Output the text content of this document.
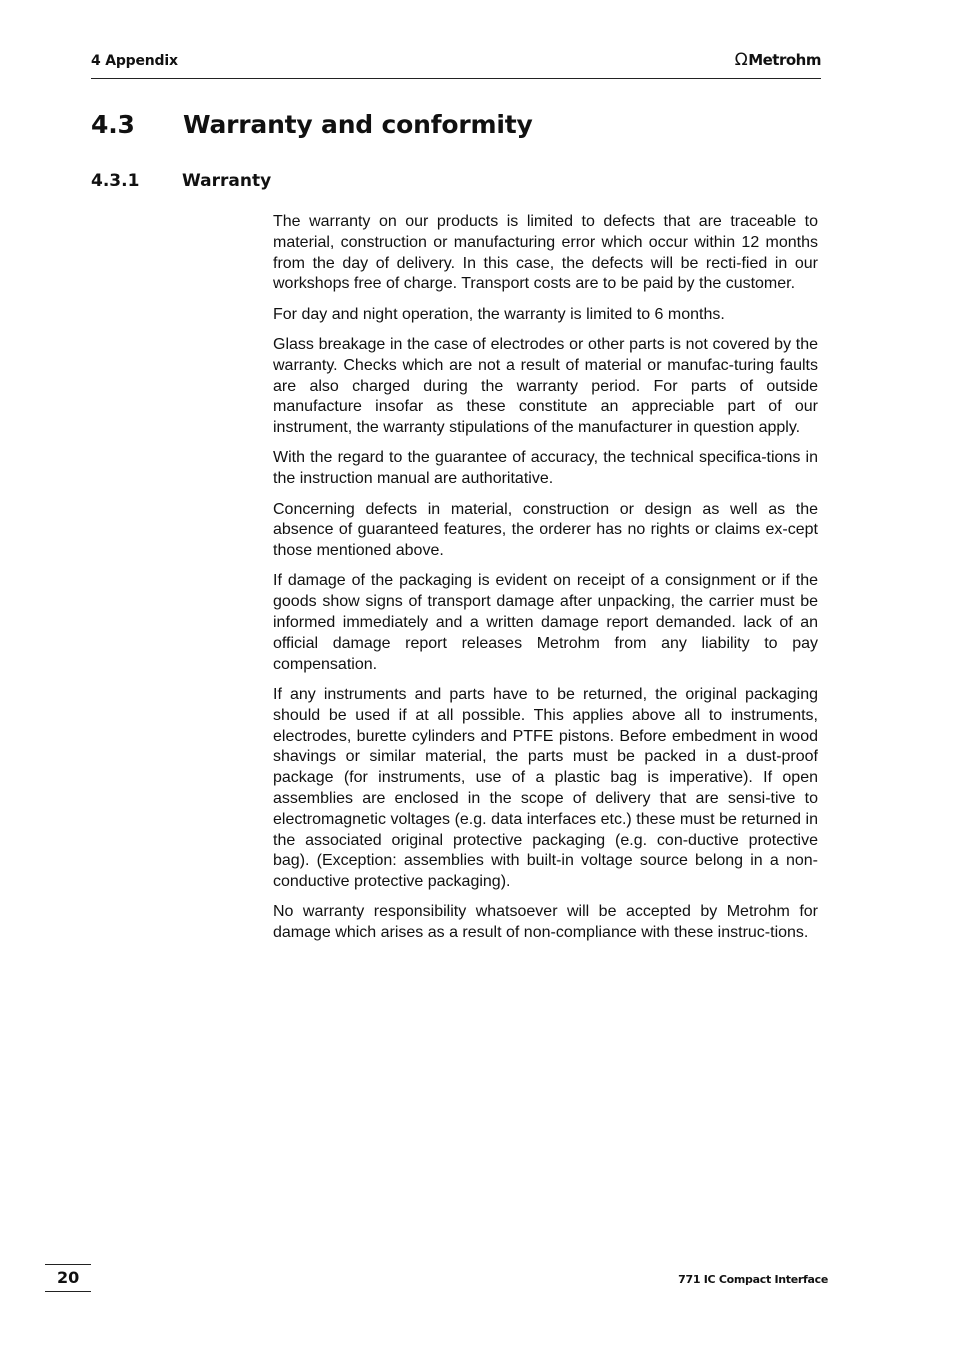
4 Appendix	Ω Metrohm
4.3 Warranty and conformity
4.3.1	Warranty

The warranty on our products is limited to defects that are traceable to material, construction or manufacturing error which occur within 12 months from the day of delivery. In this case, the defects will be recti-fied in our workshops free of charge. Transport costs are to be paid by the customer.

For day and night operation, the warranty is limited to 6 months.

Glass breakage in the case of electrodes or other parts is not covered by the warranty. Checks which are not a result of material or manufac-turing faults are also charged during the warranty period. For parts of outside manufacture insofar as these constitute an appreciable part of our instrument, the warranty stipulations of the manufacturer in question apply.

With the regard to the guarantee of accuracy, the technical specifica-tions in the instruction manual are authoritative.

Concerning defects in material, construction or design as well as the absence of guaranteed features, the orderer has no rights or claims ex-cept those mentioned above.

If damage of the packaging is evident on receipt of a consignment or if the goods show signs of transport damage after unpacking, the carrier must be informed immediately and a written damage report demanded. lack of an official damage report releases Metrohm from any liability to pay compensation.

If any instruments and parts have to be returned, the original packaging should be used if at all possible. This applies above all to instruments, electrodes, burette cylinders and PTFE pistons. Before embedment in wood shavings or similar material, the parts must be packed in a dust-proof package (for instruments, use of a plastic bag is imperative). If open assemblies are enclosed in the scope of delivery that are sensi-tive to electromagnetic voltages (e.g. data interfaces etc.) these must be returned in the associated original protective packaging (e.g. con-ductive protective bag). (Exception: assemblies with built-in voltage source belong in a non-conductive protective packaging).

No warranty responsibility whatsoever will be accepted by Metrohm for damage which arises as a result of non-compliance with these instruc-tions.

20	771 IC Compact Interface
